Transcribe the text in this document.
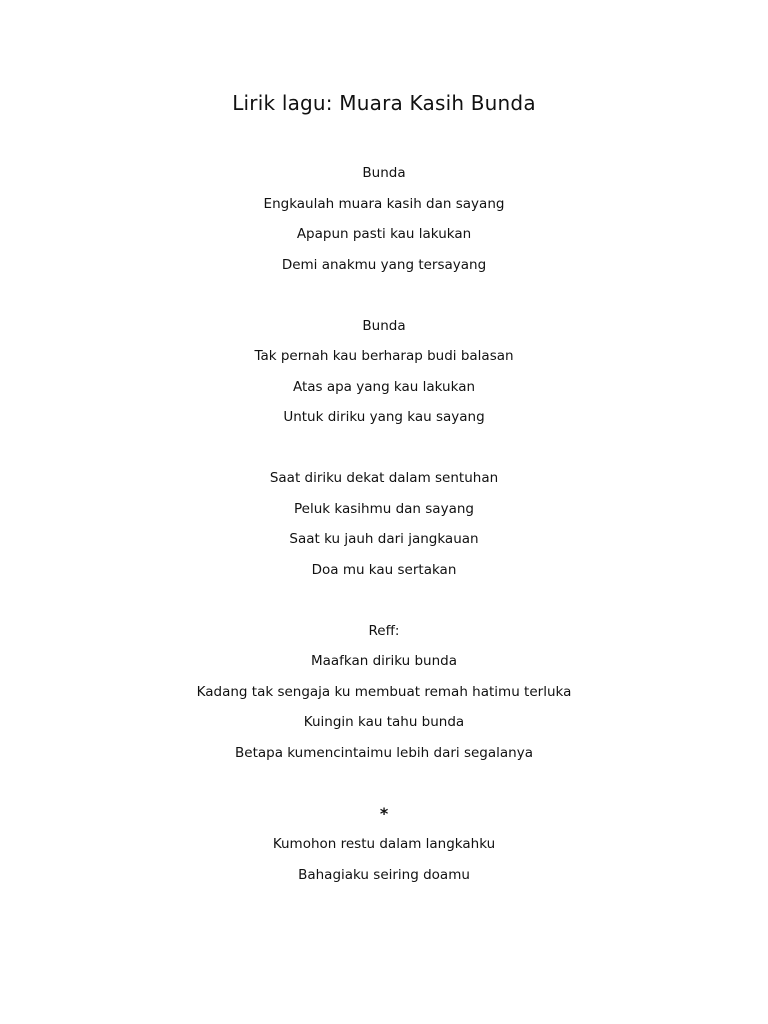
Lirik lagu: Muara Kasih Bunda
Bunda
Engkaulah muara kasih dan sayang
Apapun pasti kau lakukan
Demi anakmu yang tersayang
Bunda
Tak pernah kau berharap budi balasan
Atas apa yang kau lakukan
Untuk diriku yang kau sayang
Saat diriku dekat dalam sentuhan
Peluk kasihmu dan sayang
Saat ku jauh dari jangkauan
Doa mu kau sertakan
Reff:
Maafkan diriku bunda
Kadang tak sengaja ku membuat remah hatimu terluka
Kuingin kau tahu bunda
Betapa kumencintaimu lebih dari segalanya
*
Kumohon restu dalam langkahku
Bahagiaku seiring doamu
